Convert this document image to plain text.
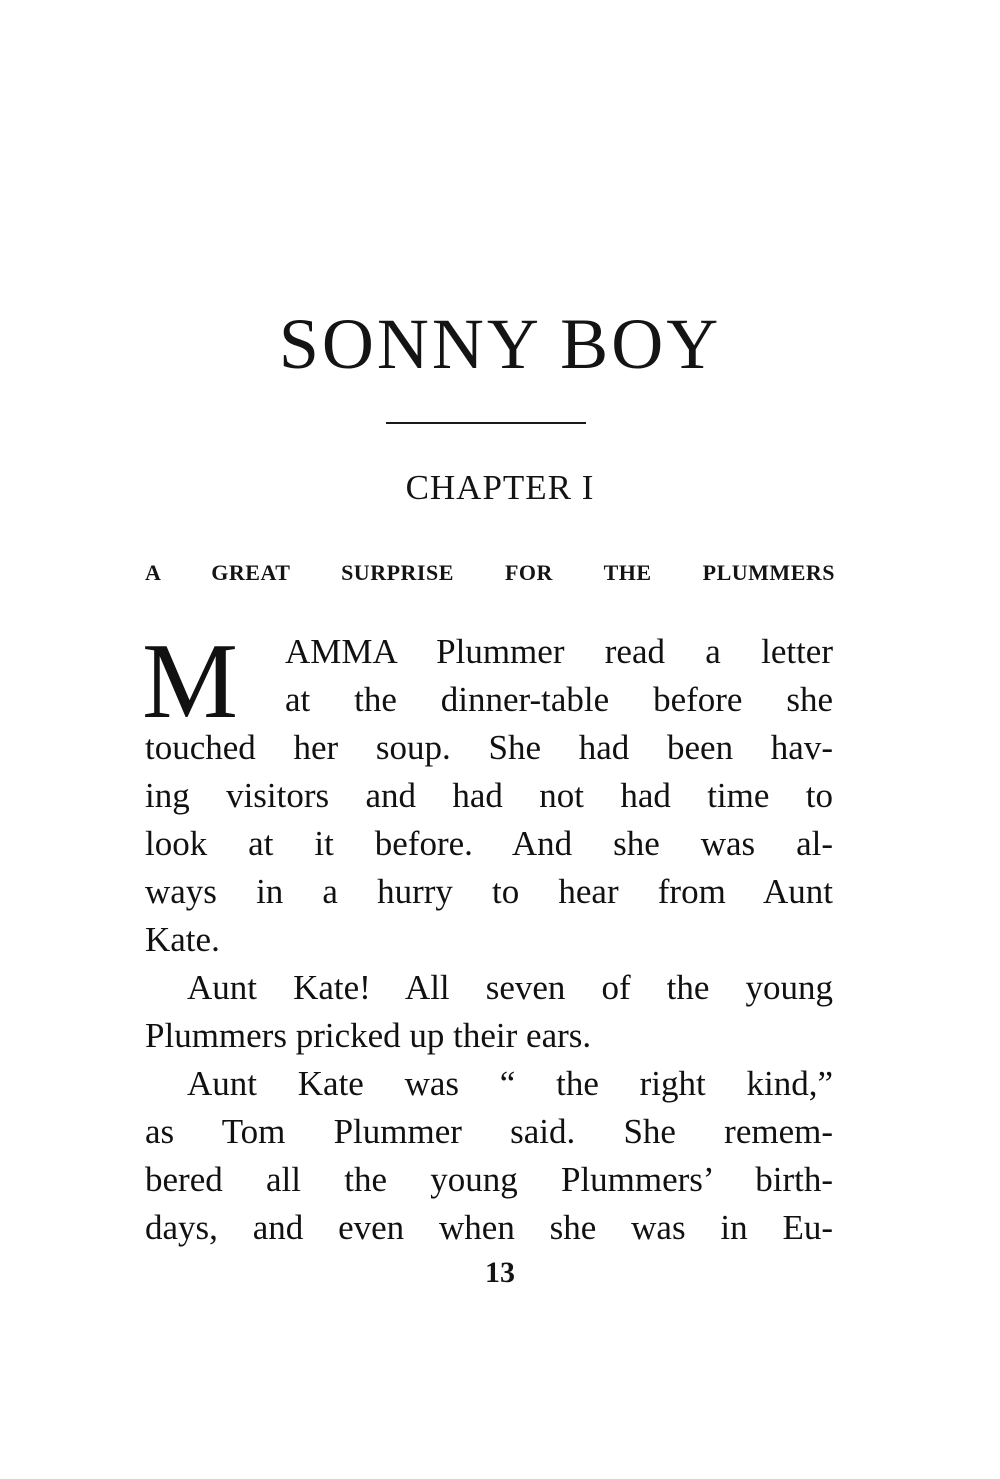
SONNY BOY
CHAPTER I
A GREAT SURPRISE FOR THE PLUMMERS
M	AMMA Plummer read a letter
at the dinner-table before she
touched her soup. She had been hav-
ing visitors and had not had time to
look at it before. And she was al-
ways in a hurry to hear from Aunt
Kate.
Aunt Kate! All seven of the young
Plummers pricked up their ears.
Aunt Kate was “ the right kind,”
as Tom Plummer said. She remem-
bered all the young Plummers’ birth-
days, and even when she was in Eu-

13
